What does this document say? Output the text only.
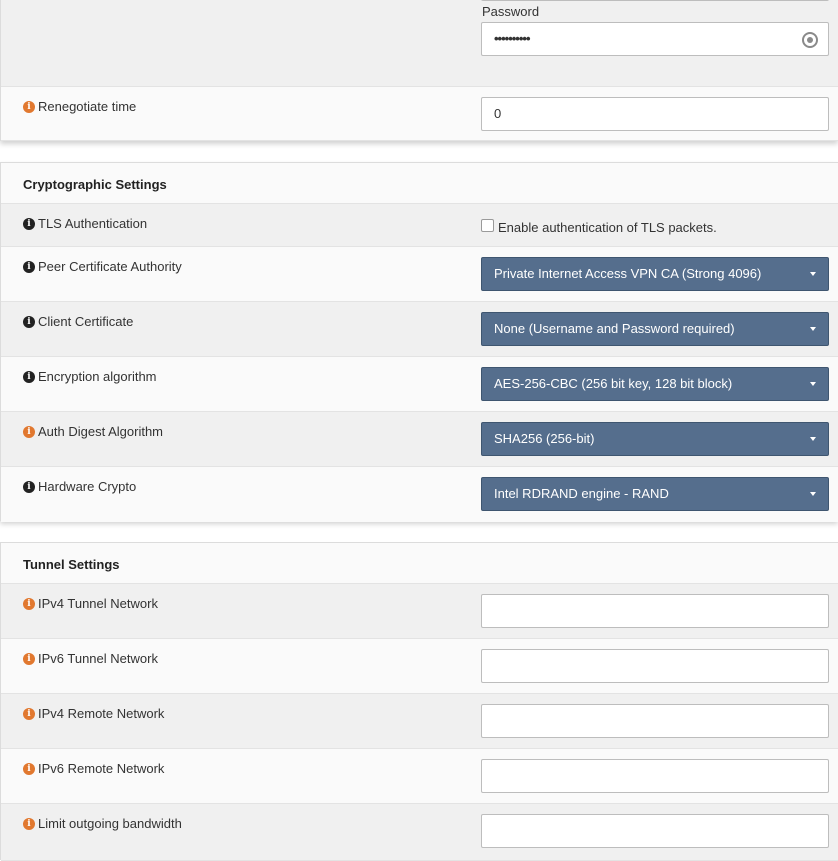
Password
••••••••••
i Renegotiate time	0
Cryptographic Settings
i TLS Authentication	Enable authentication of TLS packets.
i Peer Certificate Authority	Private Internet Access VPN CA (Strong 4096)
i Client Certificate	None (Username and Password required)
i Encryption algorithm	AES-256-CBC (256 bit key, 128 bit block)
i Auth Digest Algorithm	SHA256 (256-bit)
i Hardware Crypto	Intel RDRAND engine - RAND
Tunnel Settings
i IPv4 Tunnel Network
i IPv6 Tunnel Network
i IPv4 Remote Network
i IPv6 Remote Network
i Limit outgoing bandwidth
